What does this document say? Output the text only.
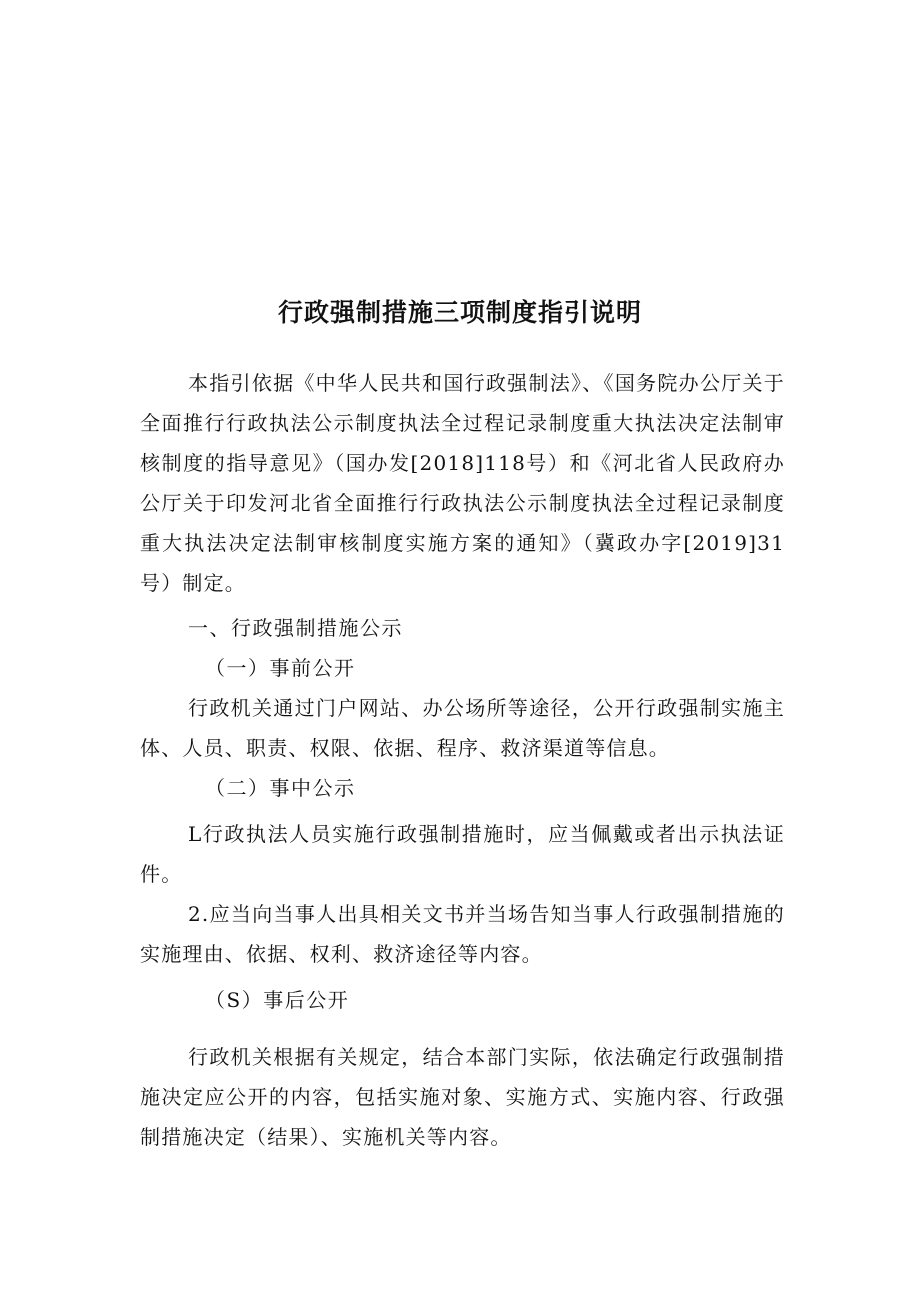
行政强制措施三项制度指引说明

本指引依据《中华人民共和国行政强制法》、《国务院办公厅关于全面推行行政执法公示制度执法全过程记录制度重大执法决定法制审核制度的指导意见》（国办发[2018]118号）和《河北省人民政府办公厅关于印发河北省全面推行行政执法公示制度执法全过程记录制度重大执法决定法制审核制度实施方案的通知》（冀政办字[2019]31号）制定。

一、行政强制措施公示

（一）事前公开

行政机关通过门户网站、办公场所等途径，公开行政强制实施主体、人员、职责、权限、依据、程序、救济渠道等信息。

（二）事中公示

L行政执法人员实施行政强制措施时，应当佩戴或者出示执法证件。

2.应当向当事人出具相关文书并当场告知当事人行政强制措施的实施理由、依据、权利、救济途径等内容。

（S）事后公开

行政机关根据有关规定，结合本部门实际，依法确定行政强制措施决定应公开的内容，包括实施对象、实施方式、实施内容、行政强制措施决定（结果）、实施机关等内容。
